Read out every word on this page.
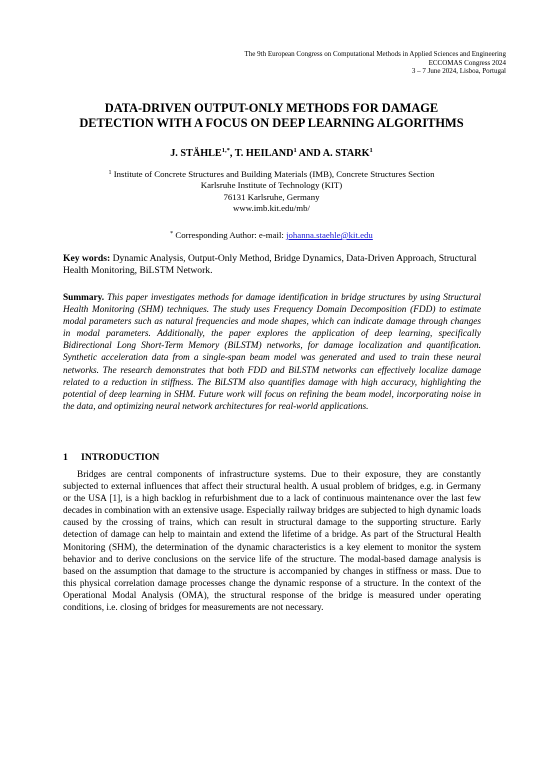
The 9th European Congress on Computational Methods in Applied Sciences and Engineering
ECCOMAS Congress 2024
3 – 7 June 2024, Lisboa, Portugal
DATA-DRIVEN OUTPUT-ONLY METHODS FOR DAMAGE
DETECTION WITH A FOCUS ON DEEP LEARNING ALGORITHMS
J. $STÄHLE^{1,*}$, T. HEILAND$^1$ AND A. STARK$^1$
$^1$ Institute of Concrete Structures and Building Materials (IMB), Concrete Structures Section
Karlsruhe Institute of Technology (KIT)
76131 Karlsruhe, Germany
www.imb.kit.edu/mb/
* Corresponding Author: e-mail: johanna.staehle@kit.edu
Key words: Dynamic Analysis, Output-Only Method, Bridge Dynamics, Data-Driven Approach, Structural Health Monitoring, BiLSTM Network.
Summary. This paper investigates methods for damage identification in bridge structures by using Structural Health Monitoring (SHM) techniques. The study uses Frequency Domain Decomposition (FDD) to estimate modal parameters such as natural frequencies and mode shapes, which can indicate damage through changes in modal parameters. Additionally, the paper explores the application of deep learning, specifically Bidirectional Long Short-Term Memory (BiLSTM) networks, for damage localization and quantification. Synthetic acceleration data from a single-span beam model was generated and used to train these neural networks. The research demonstrates that both FDD and BiLSTM networks can effectively localize damage related to a reduction in stiffness. The BiLSTM also quantifies damage with high accuracy, highlighting the potential of deep learning in SHM. Future work will focus on refining the beam model, incorporating noise in the data, and optimizing neural network architectures for real-world applications.
1 INTRODUCTION
Bridges are central components of infrastructure systems. Due to their exposure, they are constantly subjected to external influences that affect their structural health. A usual problem of bridges, e.g. in Germany or the USA [1], is a high backlog in refurbishment due to a lack of continuous maintenance over the last few decades in combination with an extensive usage. Especially railway bridges are subjected to high dynamic loads caused by the crossing of trains, which can result in structural damage to the supporting structure. Early detection of damage can help to maintain and extend the lifetime of a bridge. As part of the Structural Health Monitoring (SHM), the determination of the dynamic characteristics is a key element to monitor the system behavior and to derive conclusions on the service life of the structure. The modal-based damage analysis is based on the assumption that damage to the structure is accompanied by changes in stiffness or mass. Due to this physical correlation damage processes change the dynamic response of a structure. In the context of the Operational Modal Analysis (OMA), the structural response of the bridge is measured under operating conditions, i.e. closing of bridges for measurements are not necessary.
